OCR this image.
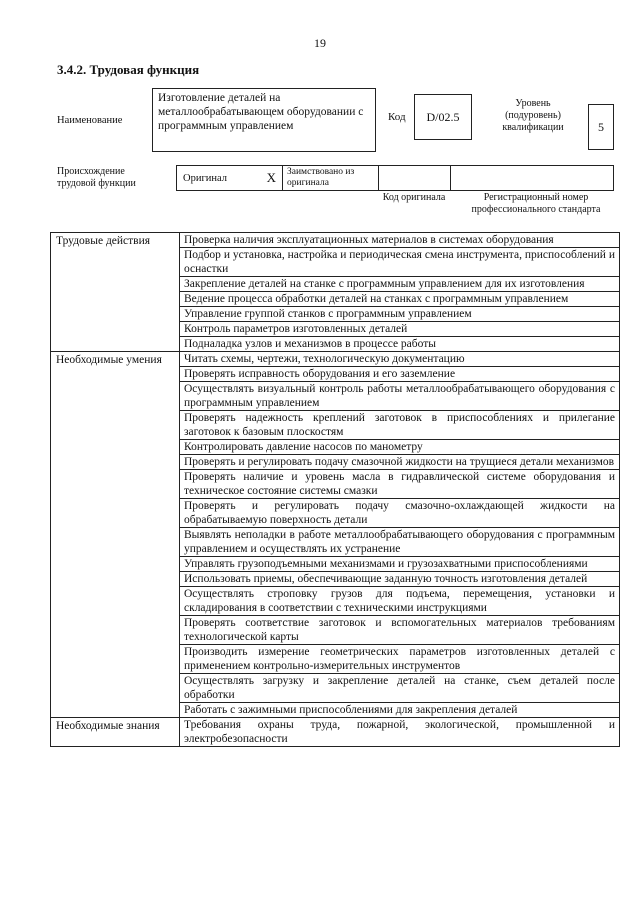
19
3.4.2. Трудовая функция
Наименование
Изготовление деталей на металлообрабатывающем оборудовании с программным управлением
Код D/02.5
Уровень (подуровень) квалификации	5
Происхождение трудовой функции	Оригинал	X	Заимствовано из оригинала
Код оригинала	Регистрационный номер профессионального стандарта
Трудовые действия	Проверка наличия эксплуатационных материалов в системах оборудования
	Подбор и установка, настройка и периодическая смена инструмента, приспособлений и оснастки
	Закрепление деталей на станке с программным управлением для их изготовления
	Ведение процесса обработки деталей на станках с программным управлением
	Управление группой станков с программным управлением
	Контроль параметров изготовленных деталей
	Подналадка узлов и механизмов в процессе работы
Необходимые умения	Читать схемы, чертежи, технологическую документацию
	Проверять исправность оборудования и его заземление
	Осуществлять визуальный контроль работы металлообрабатывающего оборудования с программным управлением
	Проверять надежность креплений заготовок в приспособлениях и прилегание заготовок к базовым плоскостям
	Контролировать давление насосов по манометру
	Проверять и регулировать подачу смазочной жидкости на трущиеся детали механизмов
	Проверять наличие и уровень масла в гидравлической системе оборудования и техническое состояние системы смазки
	Проверять и регулировать подачу смазочно-охлаждающей жидкости на обрабатываемую поверхность детали
	Выявлять неполадки в работе металлообрабатывающего оборудования с программным управлением и осуществлять их устранение
	Управлять грузоподъемными механизмами и грузозахватными приспособлениями
	Использовать приемы, обеспечивающие заданную точность изготовления деталей
	Осуществлять строповку грузов для подъема, перемещения, установки и складирования в соответствии с техническими инструкциями
	Проверять соответствие заготовок и вспомогательных материалов требованиям технологической карты
	Производить измерение геометрических параметров изготовленных деталей с применением контрольно-измерительных инструментов
	Осуществлять загрузку и закрепление деталей на станке, съем деталей после обработки
	Работать с зажимными приспособлениями для закрепления деталей
Необходимые знания	Требования охраны труда, пожарной, экологической, промышленной и электробезопасности
